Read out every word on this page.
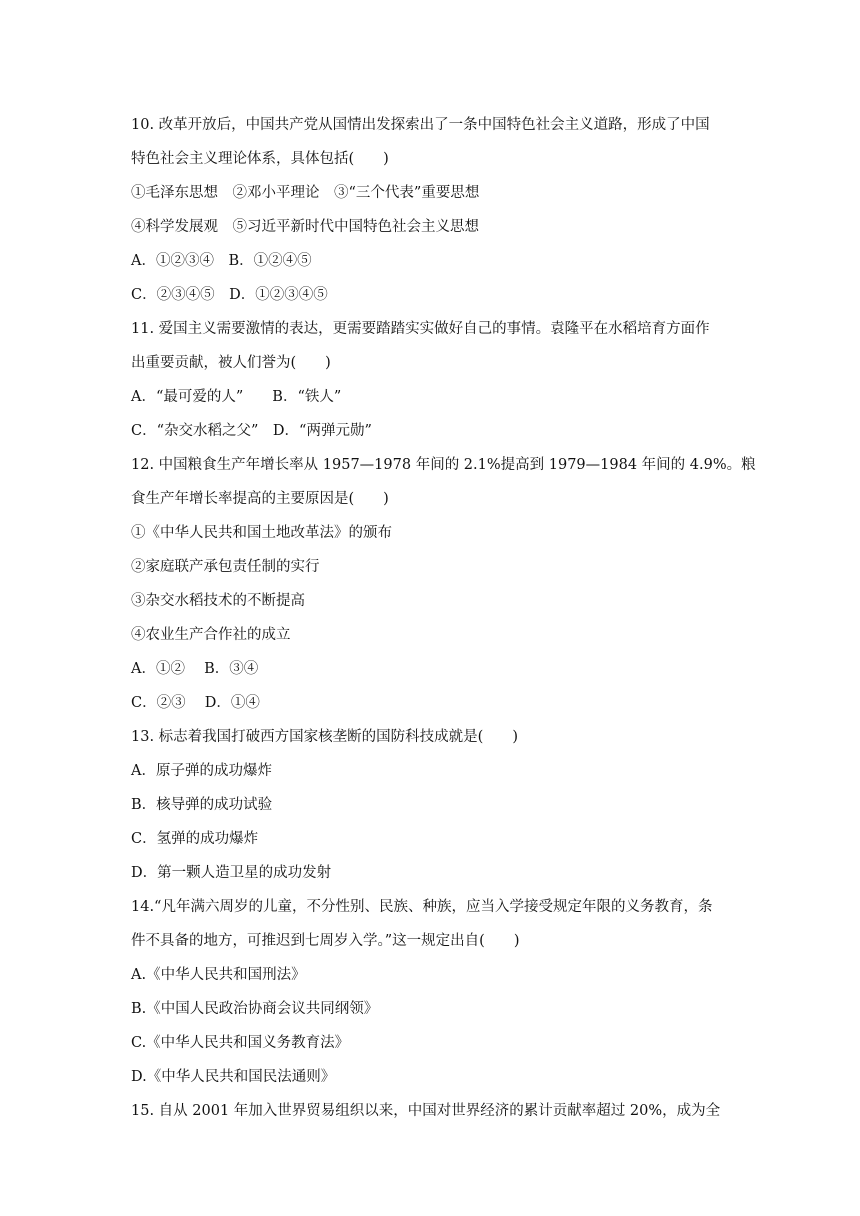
10. 改革开放后，中国共产党从国情出发探索出了一条中国特色社会主义道路，形成了中国
特色社会主义理论体系，具体包括(　　)
①毛泽东思想　②邓小平理论　③“三个代表”重要思想
④科学发展观　⑤习近平新时代中国特色社会主义思想
A．①②③④　B．①②④⑤
C．②③④⑤　D．①②③④⑤
11. 爱国主义需要激情的表达，更需要踏踏实实做好自己的事情。袁隆平在水稻培育方面作
出重要贡献，被人们誉为(　　)
A．“最可爱的人”　　B．“铁人”
C．“杂交水稻之父”　D．“两弹元勋”
12. 中国粮食生产年增长率从 1957—1978 年间的 2.1%提高到 1979—1984 年间的 4.9%。粮
食生产年增长率提高的主要原因是(　　)
①《中华人民共和国土地改革法》的颁布
②家庭联产承包责任制的实行
③杂交水稻技术的不断提高
④农业生产合作社的成立
A．①②　 B．③④
C．②③　 D．①④
13. 标志着我国打破西方国家核垄断的国防科技成就是(　　)
A．原子弹的成功爆炸
B．核导弹的成功试验
C．氢弹的成功爆炸
D．第一颗人造卫星的成功发射
14.“凡年满六周岁的儿童，不分性别、民族、种族，应当入学接受规定年限的义务教育，条
件不具备的地方，可推迟到七周岁入学。”这一规定出自(　　)
A.《中华人民共和国刑法》
B.《中国人民政治协商会议共同纲领》
C.《中华人民共和国义务教育法》
D.《中华人民共和国民法通则》
15. 自从 2001 年加入世界贸易组织以来，中国对世界经济的累计贡献率超过 20%，成为全
